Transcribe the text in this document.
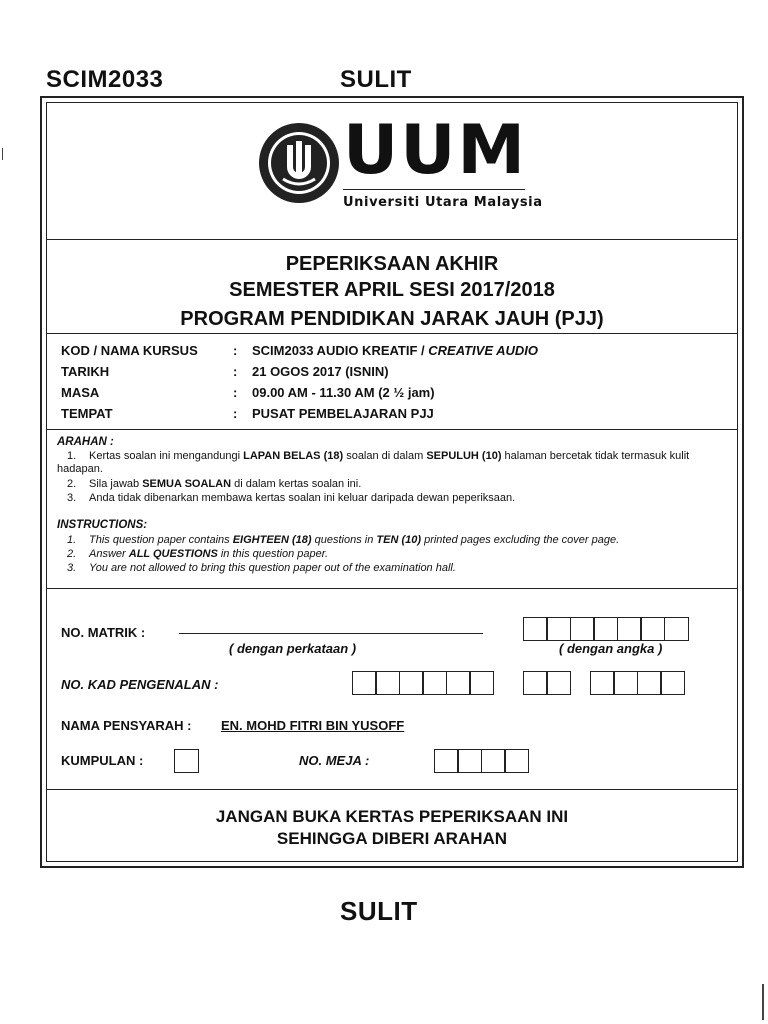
SCIM2033	SULIT
UUM
Universiti Utara Malaysia
PEPERIKSAAN AKHIR
SEMESTER APRIL SESI 2017/2018
PROGRAM PENDIDIKAN JARAK JAUH (PJJ)
KOD / NAMA KURSUS	: SCIM2033 AUDIO KREATIF / CREATIVE AUDIO
TARIKH	: 21 OGOS 2017 (ISNIN)
MASA	: 09.00 AM - 11.30 AM (2 ½ jam)
TEMPAT	: PUSAT PEMBELAJARAN PJJ
ARAHAN :
1. Kertas soalan ini mengandungi LAPAN BELAS (18) soalan di dalam SEPULUH (10) halaman bercetak tidak termasuk kulit hadapan.
2. Sila jawab SEMUA SOALAN di dalam kertas soalan ini.
3. Anda tidak dibenarkan membawa kertas soalan ini keluar daripada dewan peperiksaan.
INSTRUCTIONS:
1. This question paper contains EIGHTEEN (18) questions in TEN (10) printed pages excluding the cover page.
2. Answer ALL QUESTIONS in this question paper.
3. You are not allowed to bring this question paper out of the examination hall.
NO. MATRIK :
( dengan perkataan )	( dengan angka )
NO. KAD PENGENALAN :
NAMA PENSYARAH : EN. MOHD FITRI BIN YUSOFF
KUMPULAN :	NO. MEJA :
JANGAN BUKA KERTAS PEPERIKSAAN INI
SEHINGGA DIBERI ARAHAN
SULIT
